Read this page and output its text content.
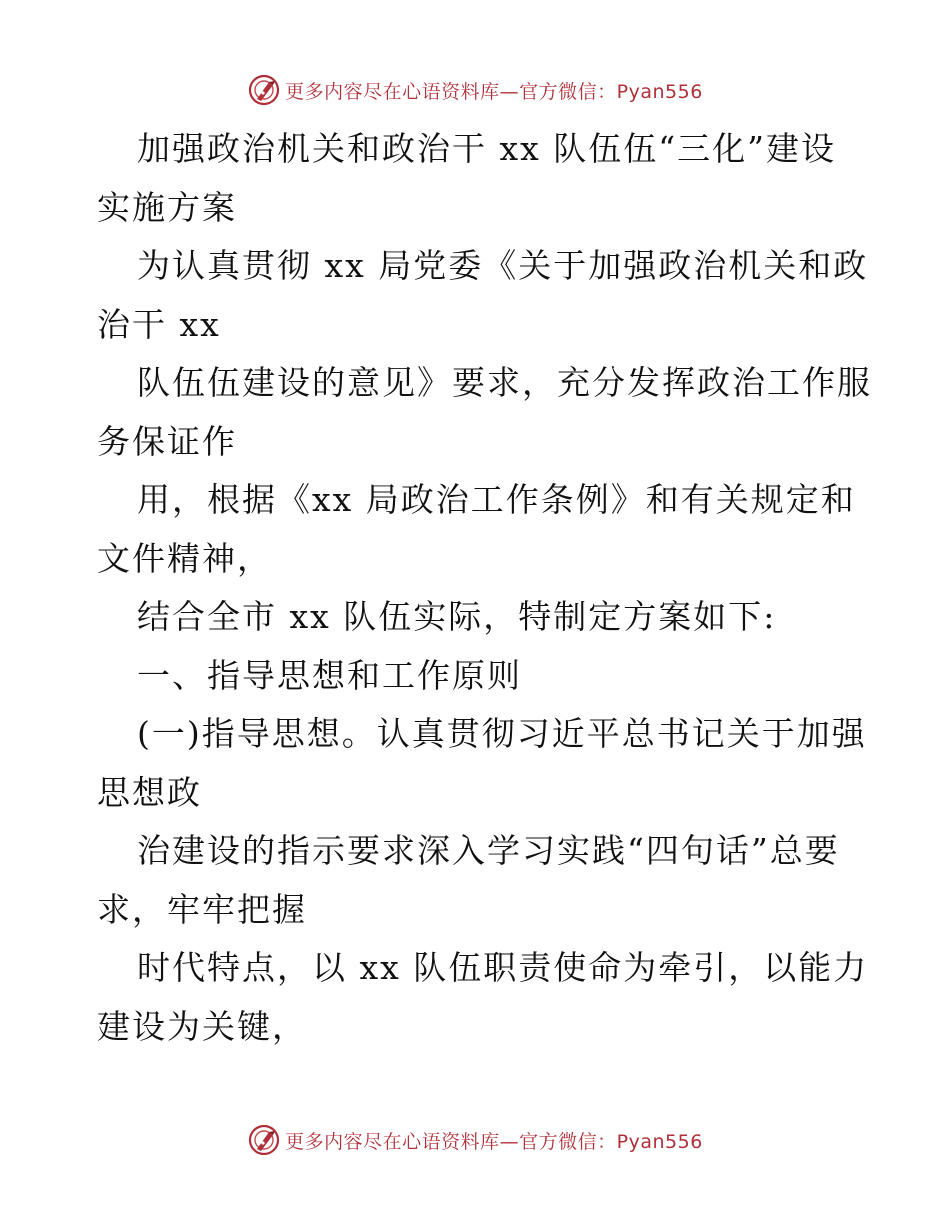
更多内容尽在心语资料库—官方微信：Pyan556

加强政治机关和政治干 xx 队伍伍“三化”建设

实施方案

为认真贯彻 xx 局党委《关于加强政治机关和政

治干 xx

队伍伍建设的意见》要求，充分发挥政治工作服

务保证作

用，根据《xx 局政治工作条例》和有关规定和

文件精神，

结合全市 xx 队伍实际，特制定方案如下:

一、指导思想和工作原则

(一)指导思想。认真贯彻习近平总书记关于加强

思想政

治建设的指示要求深入学习实践“四句话”总要

求，牢牢把握

时代特点，以 xx 队伍职责使命为牵引，以能力

建设为关键，

更多内容尽在心语资料库—官方微信：Pyan556
